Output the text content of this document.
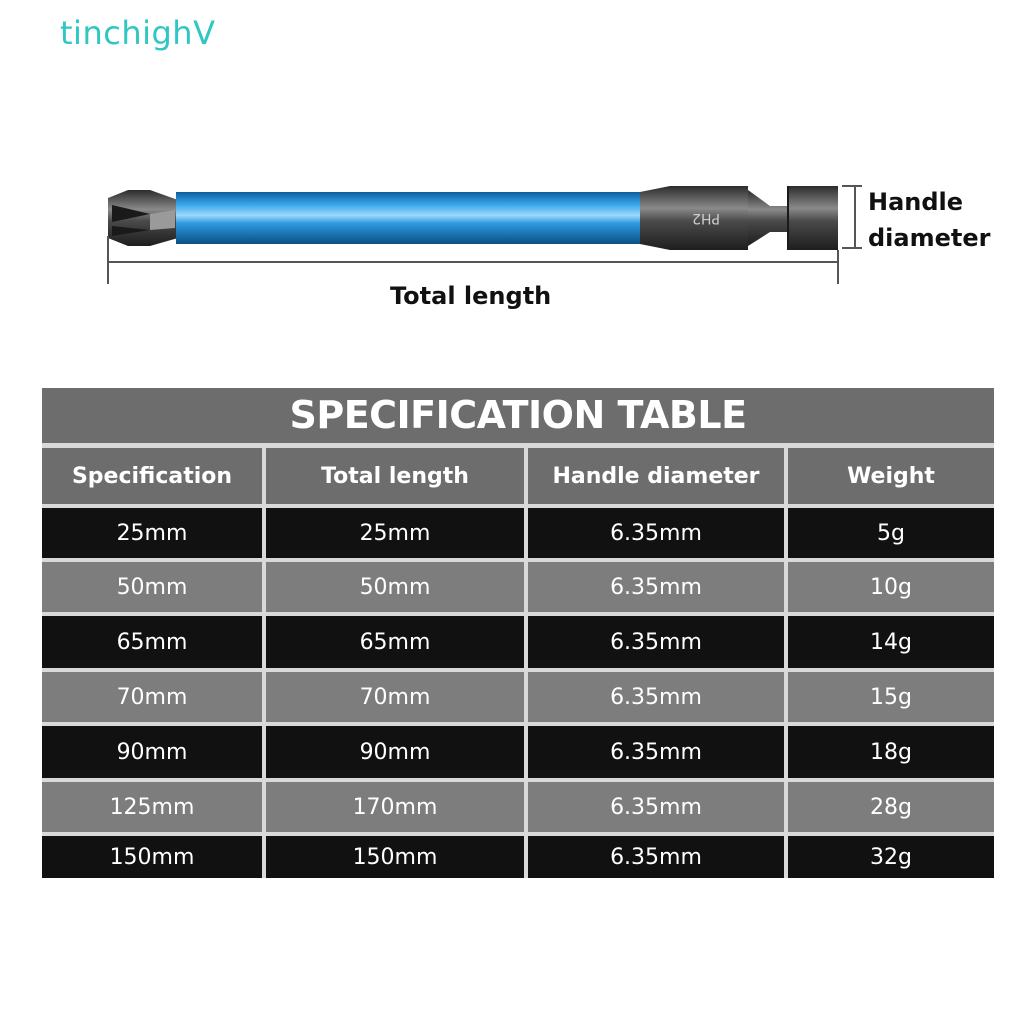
tinchighV
PH2
Handle
diameter
Total length
SPECIFICATION TABLE
Specification	Total length	Handle diameter	Weight
25mm	25mm	6.35mm	5g
50mm	50mm	6.35mm	10g
65mm	65mm	6.35mm	14g
70mm	70mm	6.35mm	15g
90mm	90mm	6.35mm	18g
125mm	170mm	6.35mm	28g
150mm	150mm	6.35mm	32g
